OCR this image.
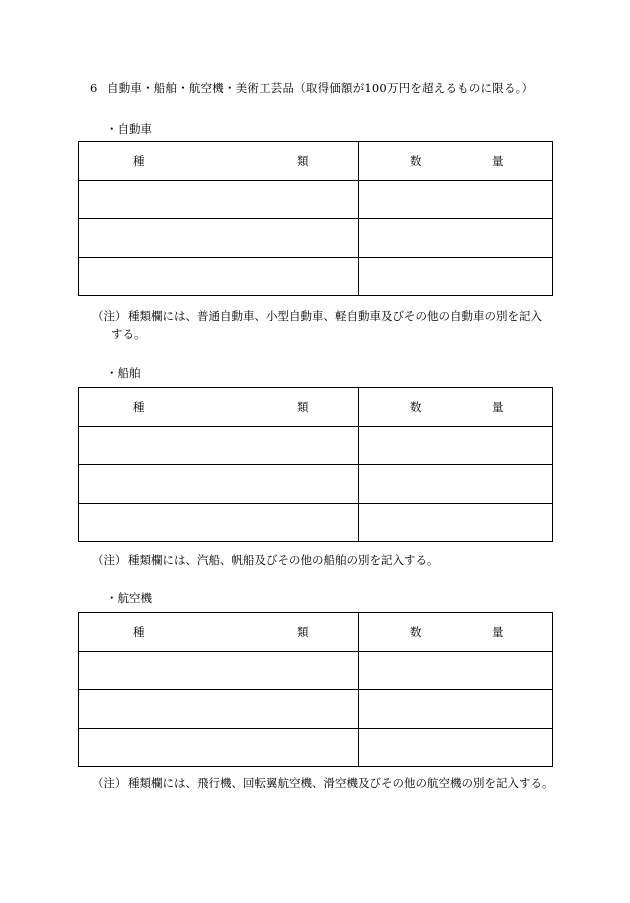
6 自動車・船舶・航空機・美術工芸品（取得価額が100万円を超えるものに限る。）
・自動車
種 類	数 量

（注） 種類欄には、普通自動車、小型自動車、軽自動車及びその他の自動車の別を記入
する。
・船舶
種 類	数 量

（注） 種類欄には、汽船、帆船及びその他の船舶の別を記入する。
・航空機
種 類	数 量

（注） 種類欄には、飛行機、回転翼航空機、滑空機及びその他の航空機の別を記入する。
